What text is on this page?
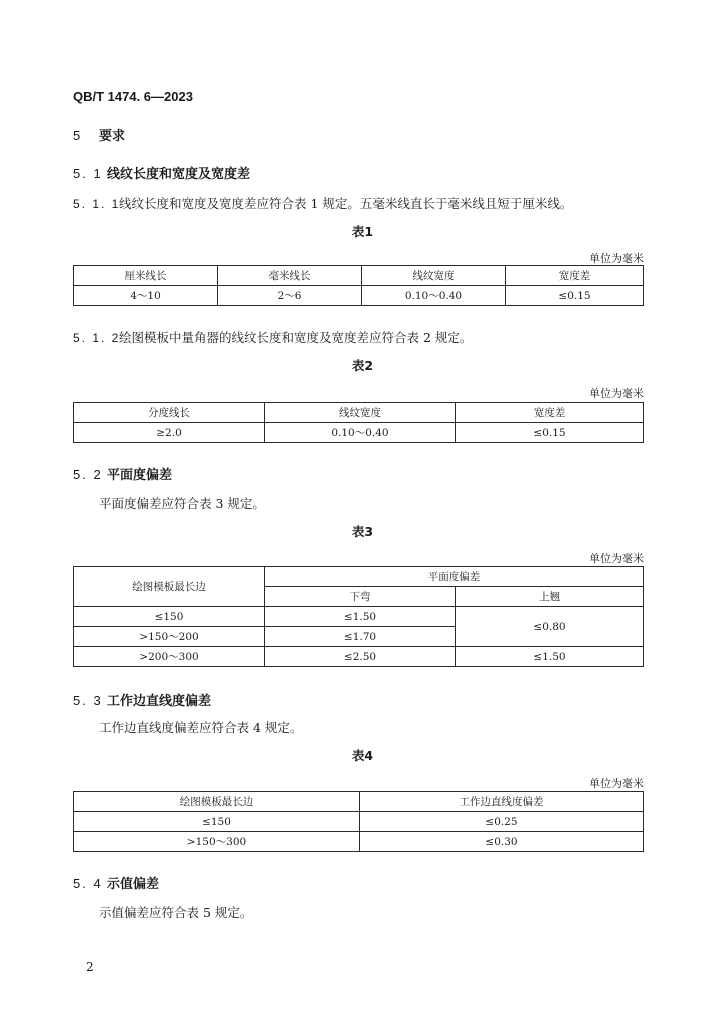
QB/T 1474. 6—2023
5 要求
5. 1 线纹长度和宽度及宽度差
5. 1. 1线纹长度和宽度及宽度差应符合表 1 规定。五毫米线直长于毫米线且短于厘米线。
表1
单位为毫米
厘米线长	毫米线长	线纹宽度	宽度差
4～10	2～6	0.10～0.40	≤0.15
5. 1. 2绘图模板中量角器的线纹长度和宽度及宽度差应符合表 2 规定。
表2
单位为毫米
分度线长	线纹宽度	宽度差
≥2.0	0.10～0.40	≤0.15
5. 2 平面度偏差
平面度偏差应符合表 3 规定。
表3
单位为毫米
绘图模板最长边	平面度偏差	
	下弯	上翘
≤150	≤1.50	≤0.80
>150～200	≤1.70	
>200～300	≤2.50	≤1.50
5. 3 工作边直线度偏差
工作边直线度偏差应符合表 4 规定。
表4
单位为毫米
绘图模板最长边	工作边直线度偏差
≤150	≤0.25
>150～300	≤0.30
5. 4 示值偏差
示值偏差应符合表 5 规定。
2
